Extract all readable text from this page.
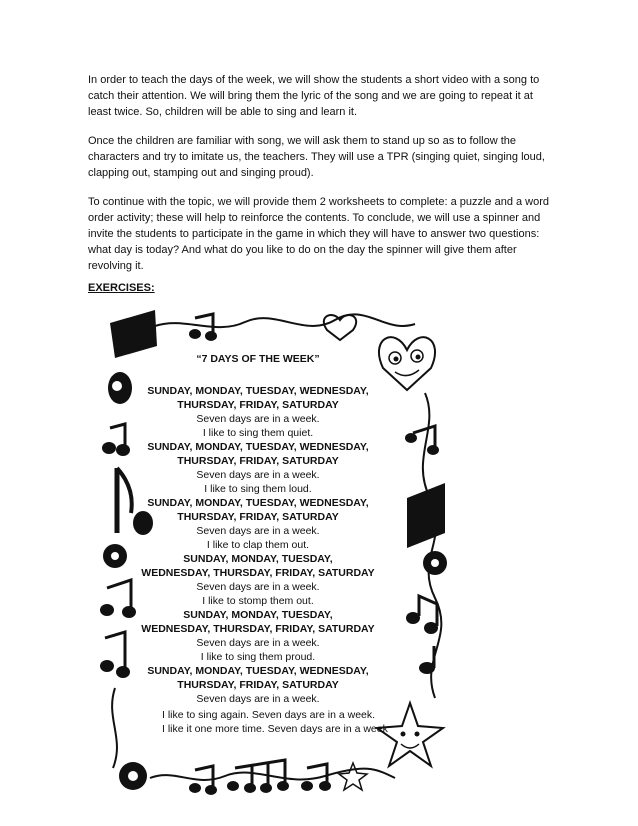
In order to teach the days of the week, we will show the students a short video with a song to catch their attention. We will bring them the lyric of the song and we are going to repeat it at least twice. So, children will be able to sing and learn it.

Once the children are familiar with song, we will ask them to stand up so as to follow the characters and try to imitate us, the teachers. They will use a TPR (singing quiet, singing loud, clapping out, stamping out and singing proud).

To continue with the topic, we will provide them 2 worksheets to complete: a puzzle and a word order activity; these will help to reinforce the contents. To conclude, we will use a spinner and invite the students to participate in the game in which they will have to answer two questions: what day is today? And what do you like to do on the day the spinner will give them after revolving it.

EXERCISES:
“7 DAYS OF THE WEEK”
SUNDAY, MONDAY, TUESDAY, WEDNESDAY,
THURSDAY, FRIDAY, SATURDAY
Seven days are in a week.
I like to sing them quiet.
SUNDAY, MONDAY, TUESDAY, WEDNESDAY,
THURSDAY, FRIDAY, SATURDAY
Seven days are in a week.
I like to sing them loud.
SUNDAY, MONDAY, TUESDAY, WEDNESDAY,
THURSDAY, FRIDAY, SATURDAY
Seven days are in a week.
I like to clap them out.
SUNDAY, MONDAY, TUESDAY,
WEDNESDAY, THURSDAY, FRIDAY, SATURDAY
Seven days are in a week.
I like to stomp them out.
SUNDAY, MONDAY, TUESDAY,
WEDNESDAY, THURSDAY, FRIDAY, SATURDAY
Seven days are in a week.
I like to sing them proud.
SUNDAY, MONDAY, TUESDAY, WEDNESDAY,
THURSDAY, FRIDAY, SATURDAY
Seven days are in a week.
I like to sing again. Seven days are in a week.
I like it one more time. Seven days are in a week
